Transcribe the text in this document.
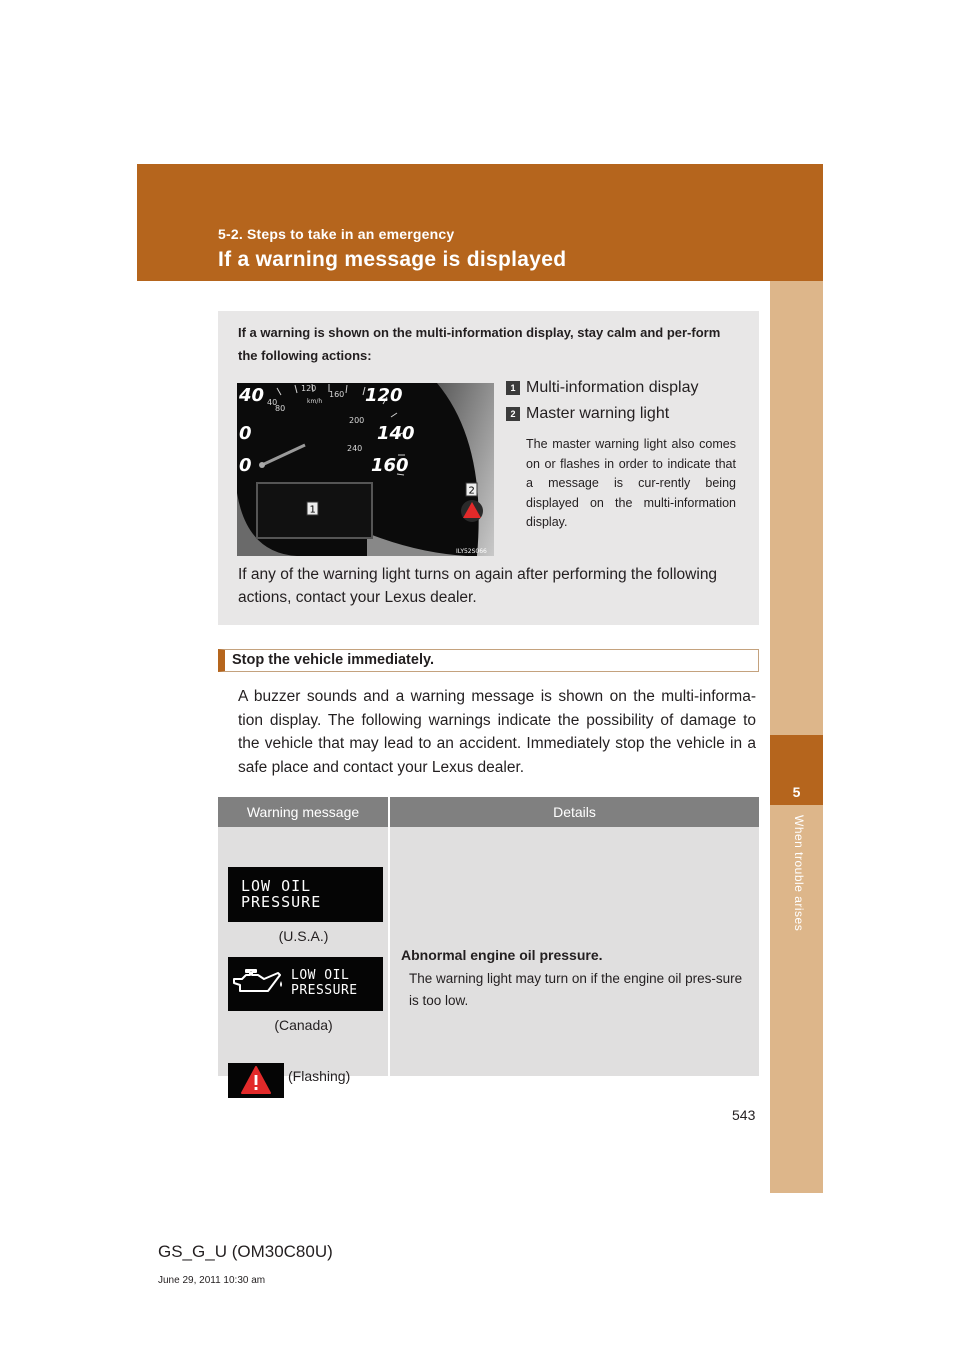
5-2. Steps to take in an emergency
If a warning message is displayed
5
When trouble arises
If a warning is shown on the multi-information display, stay calm and per-form the following actions:
40
0
0
120
140
160
40
80
120
160
200
240
km/h
1
2
ILY52S066
1 Multi-information display
2 Master warning light
The master warning light also comes on or flashes in order to indicate that a message is cur-rently being displayed on the multi-information display.
If any of the warning light turns on again after performing the following actions, contact your Lexus dealer.
Stop the vehicle immediately.
A buzzer sounds and a warning message is shown on the multi-informa-tion display. The following warnings indicate the possibility of damage to the vehicle that may lead to an accident. Immediately stop the vehicle in a safe place and contact your Lexus dealer.
Warning message	Details
LOW OIL
PRESSURE
(U.S.A.)
LOW OIL
PRESSURE
(Canada)
(Flashing)
Abnormal engine oil pressure.
The warning light may turn on if the engine oil pres-sure is too low.
543
GS_G_U (OM30C80U)
June 29, 2011 10:30 am
